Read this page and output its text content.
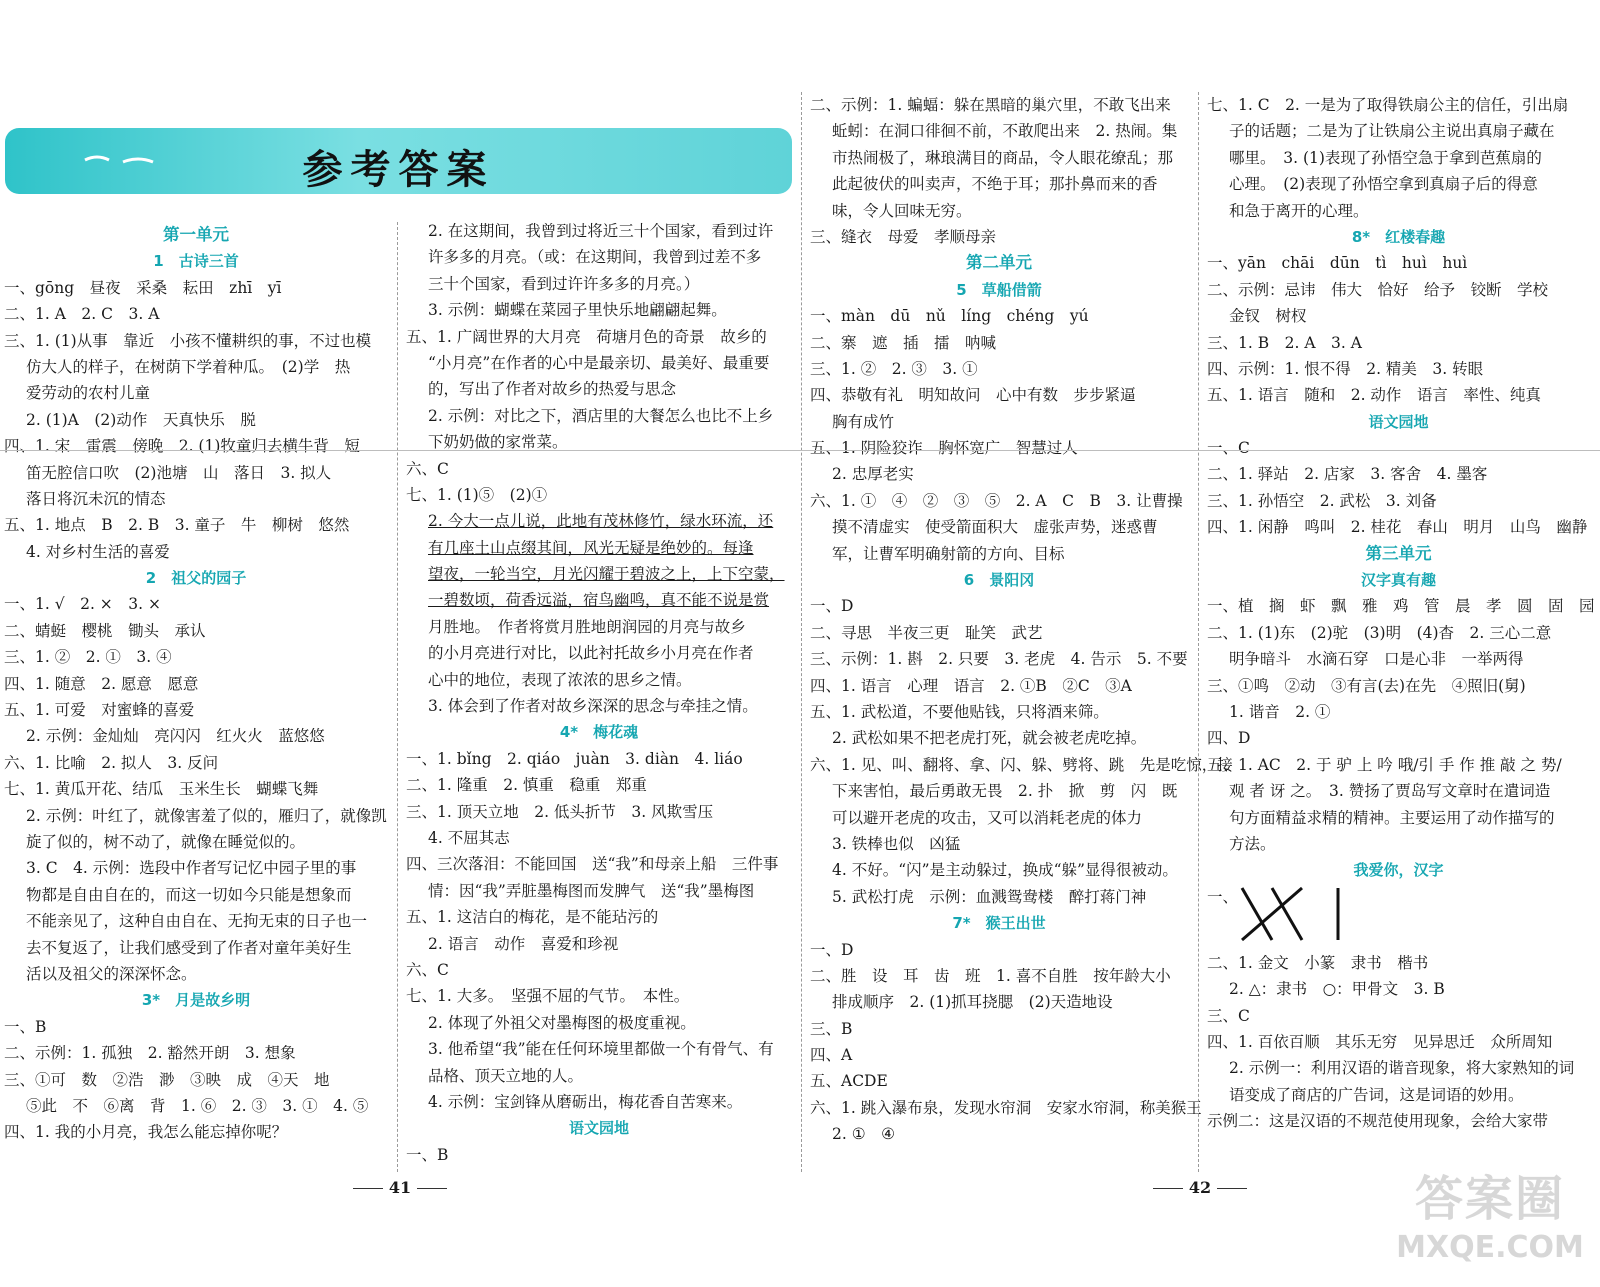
参考答案
第一单元
1　古诗三首
一、gōng　昼夜　采桑　耘田　zhī　yī
二、1. A　2. C　3. A
三、1. (1)从事　靠近　小孩不懂耕织的事，不过也模
仿大人的样子，在树荫下学着种瓜。　(2)学　热
爱劳动的农村儿童
2. (1)A　(2)动作　天真快乐　脱
四、1. 宋　雷震　傍晚　2. (1)牧童归去横牛背　短
笛无腔信口吹　(2)池塘　山　落日　3. 拟人
落日将沉未沉的情态
五、1. 地点　B　2. B　3. 童子　牛　柳树　悠然
4. 对乡村生活的喜爱
2　祖父的园子
一、1. √　2. ×　3. ×
二、蜻蜓　樱桃　锄头　承认
三、1. ②　2. ①　3. ④
四、1. 随意　2. 愿意　愿意
五、1. 可爱　对蜜蜂的喜爱
2. 示例：金灿灿　亮闪闪　红火火　蓝悠悠
六、1. 比喻　2. 拟人　3. 反问
七、1. 黄瓜开花、结瓜　玉米生长　蝴蝶飞舞
2. 示例：叶红了，就像害羞了似的，雁归了，就像凯
旋了似的，树不动了，就像在睡觉似的。
3. C　4. 示例：选段中作者写记忆中园子里的事
物都是自由自在的，而这一切如今只能是想象而
不能亲见了，这种自由自在、无拘无束的日子也一
去不复返了，让我们感受到了作者对童年美好生
活以及祖父的深深怀念。
3*　月是故乡明
一、B
二、示例：1. 孤独　2. 豁然开朗　3. 想象
三、①可　数　②浩　渺　③映　成　④天　地
⑤此　不　⑥离　背　1. ⑥　2. ③　3. ①　4. ⑤
四、1. 我的小月亮，我怎么能忘掉你呢？
2. 在这期间，我曾到过将近三十个国家，看到过许
许多多的月亮。（或：在这期间，我曾到过差不多
三十个国家，看到过许许多多的月亮。）
3. 示例：蝴蝶在菜园子里快乐地翩翩起舞。
五、1. 广阔世界的大月亮　荷塘月色的奇景　故乡的
“小月亮”在作者的心中是最亲切、最美好、最重要
的，写出了作者对故乡的热爱与思念
2. 示例：对比之下，酒店里的大餐怎么也比不上乡
下奶奶做的家常菜。
六、C
七、1. (1)⑤　(2)①
2. 今大一点儿说，此地有茂林修竹，绿水环流，还
有几座土山点缀其间，风光无疑是绝妙的。每逢
望夜，一轮当空，月光闪耀于碧波之上，上下空蒙，
一碧数顷，荷香远溢，宿鸟幽鸣，真不能不说是赏
月胜地。　作者将赏月胜地朗润园的月亮与故乡
的小月亮进行对比，以此衬托故乡小月亮在作者
心中的地位，表现了浓浓的思乡之情。
3. 体会到了作者对故乡深深的思念与牵挂之情。
4*　梅花魂
一、1. bǐng　2. qiáo　juàn　3. diàn　4. liáo
二、1. 隆重　2. 慎重　稳重　郑重
三、1. 顶天立地　2. 低头折节　3. 风欺雪压
4. 不屈其志
四、三次落泪：不能回国　送“我”和母亲上船　三件事
情：因“我”弄脏墨梅图而发脾气　送“我”墨梅图
五、1. 这洁白的梅花，是不能玷污的
2. 语言　动作　喜爱和珍视
六、C
七、1. 大多。　坚强不屈的气节。　本性。
2. 体现了外祖父对墨梅图的极度重视。
3. 他希望“我”能在任何环境里都做一个有骨气、有
品格、顶天立地的人。
4. 示例：宝剑锋从磨砺出，梅花香自苦寒来。
语文园地
一、B
二、示例：1. 蝙蝠：躲在黑暗的巢穴里，不敢飞出来
蚯蚓：在洞口徘徊不前，不敢爬出来　2. 热闹。集
市热闹极了，琳琅满目的商品，令人眼花缭乱；那
此起彼伏的叫卖声，不绝于耳；那扑鼻而来的香
味，令人回味无穷。
三、缝衣　母爱　孝顺母亲
第二单元
5　草船借箭
一、màn　dū　nǔ　líng　chéng　yú
二、寨　遮　插　擂　呐喊
三、1. ②　2. ③　3. ①
四、恭敬有礼　明知故问　心中有数　步步紧逼
胸有成竹
五、1. 阴险狡诈　胸怀宽广　智慧过人
2. 忠厚老实
六、1. ①　④　②　③　⑤　2. A　C　B　3. 让曹操
摸不清虚实　使受箭面积大　虚张声势，迷惑曹
军，让曹军明确射箭的方向、目标
6　景阳冈
一、D
二、寻思　半夜三更　耻笑　武艺
三、示例：1. 斟　2. 只要　3. 老虎　4. 告示　5. 不要
四、1. 语言　心理　语言　2. ①B　②C　③A
五、1. 武松道，不要他贴钱，只将酒来筛。
2. 武松如果不把老虎打死，就会被老虎吃掉。
六、1. 见、叫、翻将、拿、闪、躲、劈将、跳　先是吃惊，接
下来害怕，最后勇敢无畏　2. 扑　掀　剪　闪　既
可以避开老虎的攻击，又可以消耗老虎的体力
3. 铁棒也似　凶猛
4. 不好。“闪”是主动躲过，换成“躲”显得很被动。
5. 武松打虎　示例：血溅鸳鸯楼　醉打蒋门神
7*　猴王出世
一、D
二、胜　设　耳　齿　班　1. 喜不自胜　按年龄大小
排成顺序　2. (1)抓耳挠腮　(2)天造地设
三、B
四、A
五、ACDE
六、1. 跳入瀑布泉，发现水帘洞　安家水帘洞，称美猴王
2. ①　④
七、1. C　2. 一是为了取得铁扇公主的信任，引出扇
子的话题；二是为了让铁扇公主说出真扇子藏在
哪里。　3. (1)表现了孙悟空急于拿到芭蕉扇的
心理。　(2)表现了孙悟空拿到真扇子后的得意
和急于离开的心理。
8*　红楼春趣
一、yān　chāi　dūn　tì　huì　huì
二、示例：忌讳　伟大　恰好　给予　铰断　学校
金钗　树杈
三、1. B　2. A　3. A
四、示例：1. 恨不得　2. 精美　3. 转眼
五、1. 语言　随和　2. 动作　语言　率性、纯真
语文园地
一、C
二、1. 驿站　2. 店家　3. 客舍　4. 墨客
三、1. 孙悟空　2. 武松　3. 刘备
四、1. 闲静　鸣叫　2. 桂花　春山　明月　山鸟　幽静
第三单元
汉字真有趣
一、植　搁　虾　飘　雅　鸡　管　晨　孝　圆　固　园
二、1. (1)东　(2)驼　(3)明　(4)杳　2. 三心二意
明争暗斗　水滴石穿　口是心非　一举两得
三、①鸣　②动　③有言(去)在先　④照旧(舅)
1. 谐音　2. ①
四、D
五、1. AC　2. 于 驴 上 吟 哦/引 手 作 推 敲 之 势/
观 者 讶 之。　3. 赞扬了贾岛写文章时在遣词造
句方面精益求精的精神。主要运用了动作描写的
方法。
我爱你，汉字
一、
二、1. 金文　小篆　隶书　楷书
2. △：隶书　○：甲骨文　3. B
三、C
四、1. 百依百顺　其乐无穷　见异思迁　众所周知
2. 示例一：利用汉语的谐音现象，将大家熟知的词
语变成了商店的广告词，这是词语的妙用。
示例二：这是汉语的不规范使用现象，会给大家带
41	42	答案圈
MXQE.COM
